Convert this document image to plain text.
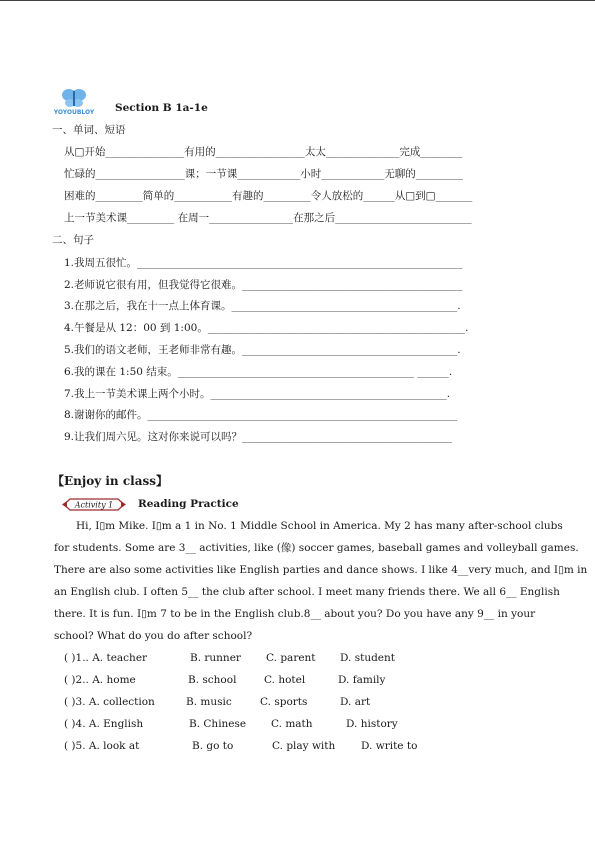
YOYOUBLOY Section B 1a-1e
一、单词、短语
从□开始_______________有用的_________________太太______________完成________
忙碌的_________________课；一节课____________小时____________无聊的_________
困难的_________简单的___________有趣的_________令人放松的______从□到□_______
上一节美术课_________ 在周一________________在那之后__________________________
二、句子
1.我周五很忙。______________________________________________________________
2.老师说它很有用，但我觉得它很难。__________________________________________
3.在那之后，我在十一点上体育课。___________________________________________.
4.午餐是从 12：00 到 1:00。_________________________________________________.
5.我们的语文老师，王老师非常有趣。_________________________________________.
6.我的课在 1:50 结束。_____________________________________________ ______.
7.我上一节美术课上两个小时。_____________________________________________.
8.谢谢你的邮件。___________________________________________________________
9.让我们周六见。这对你来说可以吗？________________________________________
【Enjoy in class】
Activity 1 Reading Practice
Hi, I▯m Mike. I▯m a 1 in No. 1 Middle School in America. My 2 has many after-school clubs
for students. Some are 3__ activities, like (像) soccer games, baseball games and volleyball games.
There are also some activities like English parties and dance shows. I like 4__very much, and I▯m in
an English club. I often 5__ the club after school. I meet many friends there. We all 6__ English
there. It is fun. I▯m 7 to be in the English club.8__ about you? Do you have any 9__ in your
school? What do you do after school?
( )1.. A. teacher	B. runner C. parent D. student
( )2.. A. home	B. school	C. hotel	D. family
( )3. A. collection	B. music	C. sports	D. art
( )4. A. English	B. Chinese C. math	D. history
( )5. A. look at	B. go to	C. play with D. write to
